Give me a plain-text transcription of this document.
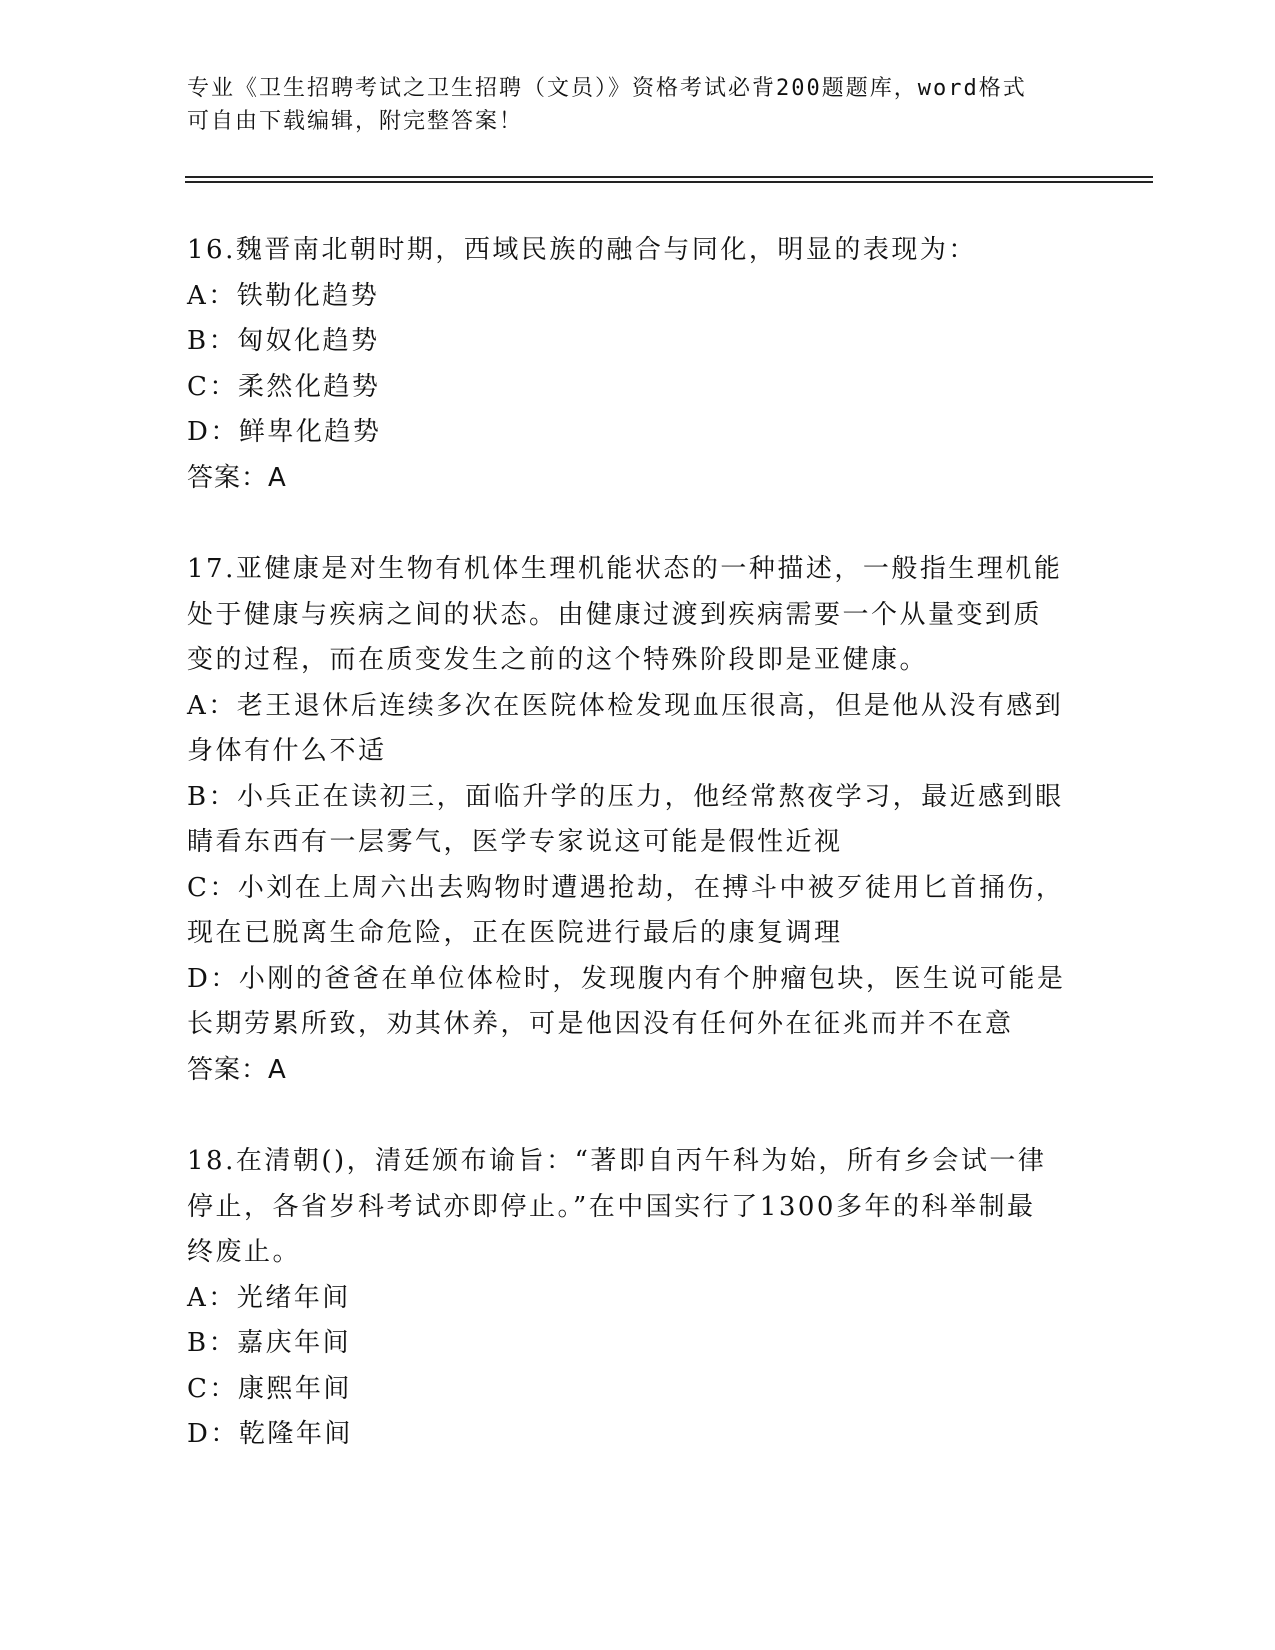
专业《卫生招聘考试之卫生招聘（文员）》资格考试必背200题题库，word格式
可自由下载编辑，附完整答案！
16.魏晋南北朝时期，西域民族的融合与同化，明显的表现为：
A：铁勒化趋势
B：匈奴化趋势
C：柔然化趋势
D：鲜卑化趋势
答案：A
17.亚健康是对生物有机体生理机能状态的一种描述，一般指生理机能
处于健康与疾病之间的状态。由健康过渡到疾病需要一个从量变到质
变的过程，而在质变发生之前的这个特殊阶段即是亚健康。
A：老王退休后连续多次在医院体检发现血压很高，但是他从没有感到
身体有什么不适
B：小兵正在读初三，面临升学的压力，他经常熬夜学习，最近感到眼
睛看东西有一层雾气，医学专家说这可能是假性近视
C：小刘在上周六出去购物时遭遇抢劫，在搏斗中被歹徒用匕首捅伤，
现在已脱离生命危险，正在医院进行最后的康复调理
D：小刚的爸爸在单位体检时，发现腹内有个肿瘤包块，医生说可能是
长期劳累所致，劝其休养，可是他因没有任何外在征兆而并不在意
答案：A
18.在清朝()，清廷颁布谕旨：“著即自丙午科为始，所有乡会试一律
停止，各省岁科考试亦即停止。”在中国实行了1300多年的科举制最
终废止。
A：光绪年间
B：嘉庆年间
C：康熙年间
D：乾隆年间
